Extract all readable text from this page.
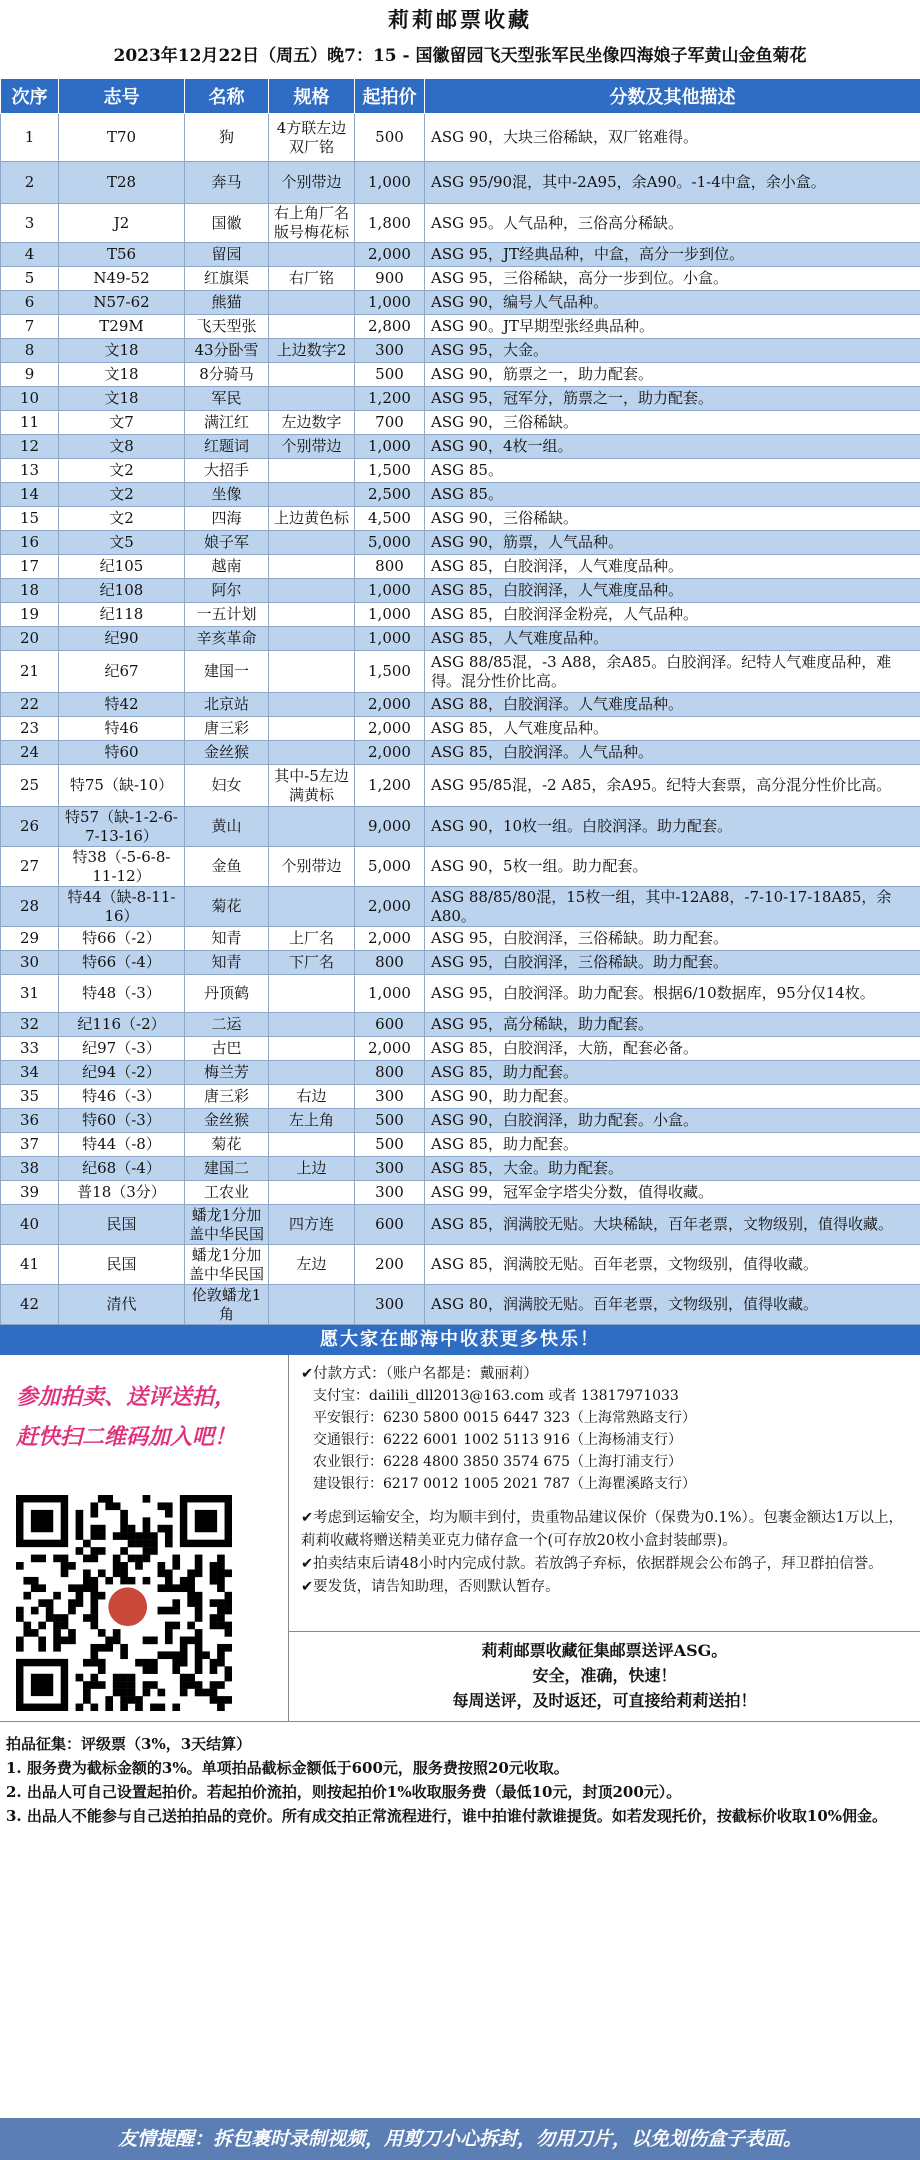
莉莉邮票收藏
2023年12月22日（周五）晚7：15 - 国徽留园飞天型张军民坐像四海娘子军黄山金鱼菊花
次序	志号	名称	规格	起拍价	分数及其他描述
1	T70	狗	4方联左边双厂铭	500	ASG 90，大块三俗稀缺，双厂铭难得。
2	T28	奔马	个别带边	1,000	ASG 95/90混，其中-2A95，余A90。-1-4中盒，余小盒。
3	J2	国徽	右上角厂名版号梅花标	1,800	ASG 95。人气品种，三俗高分稀缺。
4	T56	留园		2,000	ASG 95，JT经典品种，中盒，高分一步到位。
5	N49-52	红旗渠	右厂铭	900	ASG 95，三俗稀缺，高分一步到位。小盒。
6	N57-62	熊猫		1,000	ASG 90，编号人气品种。
7	T29M	飞天型张		2,800	ASG 90。JT早期型张经典品种。
8	文18	43分卧雪	上边数字2	300	ASG 95，大金。
9	文18	8分骑马		500	ASG 90，筋票之一，助力配套。
10	文18	军民		1,200	ASG 95，冠军分，筋票之一，助力配套。
11	文7	满江红	左边数字	700	ASG 90，三俗稀缺。
12	文8	红题词	个别带边	1,000	ASG 90，4枚一组。
13	文2	大招手		1,500	ASG 85。
14	文2	坐像		2,500	ASG 85。
15	文2	四海	上边黄色标	4,500	ASG 90，三俗稀缺。
16	文5	娘子军		5,000	ASG 90，筋票，人气品种。
17	纪105	越南		800	ASG 85，白胶润泽，人气难度品种。
18	纪108	阿尔		1,000	ASG 85，白胶润泽，人气难度品种。
19	纪118	一五计划		1,000	ASG 85，白胶润泽金粉亮，人气品种。
20	纪90	辛亥革命		1,000	ASG 85，人气难度品种。
21	纪67	建国一		1,500	ASG 88/85混，-3 A88，余A85。白胶润泽。纪特人气难度品种，难得。混分性价比高。
22	特42	北京站		2,000	ASG 88，白胶润泽。人气难度品种。
23	特46	唐三彩		2,000	ASG 85，人气难度品种。
24	特60	金丝猴		2,000	ASG 85，白胶润泽。人气品种。
25	特75（缺-10）	妇女	其中-5左边满黄标	1,200	ASG 95/85混，-2 A85，余A95。纪特大套票，高分混分性价比高。
26	特57（缺-1-2-6-7-13-16）	黄山		9,000	ASG 90，10枚一组。白胶润泽。助力配套。
27	特38（-5-6-8-11-12）	金鱼	个别带边	5,000	ASG 90，5枚一组。助力配套。
28	特44（缺-8-11-16）	菊花		2,000	ASG 88/85/80混，15枚一组，其中-12A88，-7-10-17-18A85，余A80。
29	特66（-2）	知青	上厂名	2,000	ASG 95，白胶润泽，三俗稀缺。助力配套。
30	特66（-4）	知青	下厂名	800	ASG 95，白胶润泽，三俗稀缺。助力配套。
31	特48（-3）	丹顶鹤		1,000	ASG 95，白胶润泽。助力配套。根据6/10数据库，95分仅14枚。
32	纪116（-2）	二运		600	ASG 95，高分稀缺，助力配套。
33	纪97（-3）	古巴		2,000	ASG 85，白胶润泽，大筋，配套必备。
34	纪94（-2）	梅兰芳		800	ASG 85，助力配套。
35	特46（-3）	唐三彩	右边	300	ASG 90，助力配套。
36	特60（-3）	金丝猴	左上角	500	ASG 90，白胶润泽，助力配套。小盒。
37	特44（-8）	菊花		500	ASG 85，助力配套。
38	纪68（-4）	建国二	上边	300	ASG 85，大金。助力配套。
39	普18（3分）	工农业		300	ASG 99，冠军金字塔尖分数，值得收藏。
40	民国	蟠龙1分加盖中华民国	四方连	600	ASG 85，润满胶无贴。大块稀缺，百年老票，文物级别，值得收藏。
41	民国	蟠龙1分加盖中华民国	左边	200	ASG 85，润满胶无贴。百年老票，文物级别，值得收藏。
42	清代	伦敦蟠龙1角		300	ASG 80，润满胶无贴。百年老票，文物级别，值得收藏。
愿大家在邮海中收获更多快乐！
参加拍卖、送评送拍，
赶快扫二维码加入吧！
✔付款方式：（账户名都是：戴丽莉）
支付宝：dailili_dll2013@163.com 或者 13817971033
平安银行：6230 5800 0015 6447 323（上海常熟路支行）
交通银行：6222 6001 1002 5113 916（上海杨浦支行）
农业银行：6228 4800 3850 3574 675（上海打浦支行）
建设银行：6217 0012 1005 2021 787（上海瞿溪路支行）
✔考虑到运输安全，均为顺丰到付，贵重物品建议保价（保费为0.1%）。包裹金额达1万以上，莉莉收藏将赠送精美亚克力储存盒一个(可存放20枚小盒封装邮票)。
✔拍卖结束后请48小时内完成付款。若放鸽子弃标，依据群规会公布鸽子，拜卫群拍信誉。
✔要发货，请告知助理，否则默认暂存。
莉莉邮票收藏征集邮票送评ASG。
安全，准确，快速！
每周送评，及时返还，可直接给莉莉送拍！
拍品征集：评级票（3%，3天结算）
1. 服务费为截标金额的3%。单项拍品截标金额低于600元，服务费按照20元收取。
2. 出品人可自己设置起拍价。若起拍价流拍，则按起拍价1%收取服务费（最低10元，封顶200元）。
3. 出品人不能参与自己送拍拍品的竞价。所有成交拍正常流程进行，谁中拍谁付款谁提货。如若发现托价，按截标价收取10%佣金。
友情提醒：拆包裹时录制视频，用剪刀小心拆封，勿用刀片，以免划伤盒子表面。
